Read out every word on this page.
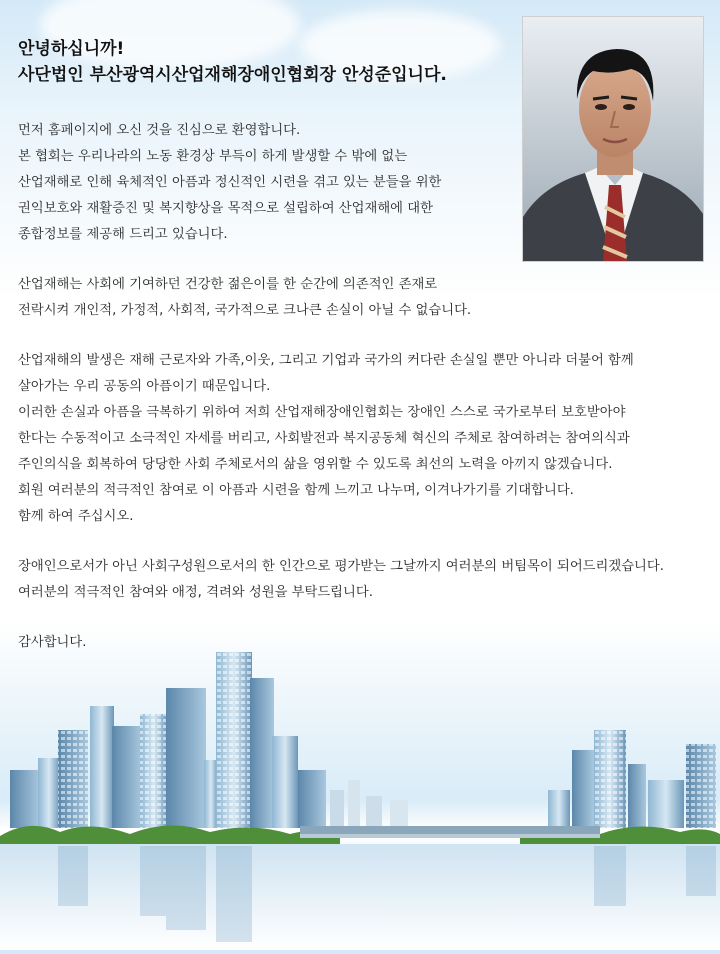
안녕하십니까!
사단법인 부산광역시산업재해장애인협회장 안성준입니다.

먼저 홈페이지에 오신 것을 진심으로 환영합니다.
본 협회는 우리나라의 노동 환경상 부득이 하게 발생할 수 밖에 없는
산업재해로 인해 육체적인 아픔과 정신적인 시련을 겪고 있는 분들을 위한
권익보호와 재활증진 및 복지향상을 목적으로 설립하여 산업재해에 대한
종합정보를 제공해 드리고 있습니다.

산업재해는 사회에 기여하던 건강한 젊은이를 한 순간에 의존적인 존재로
전락시켜 개인적, 가정적, 사회적, 국가적으로 크나큰 손실이 아닐 수 없습니다.

산업재해의 발생은 재해 근로자와 가족,이웃, 그리고 기업과 국가의 커다란 손실일 뿐만 아니라 더불어 함께
살아가는 우리 공동의 아픔이기 때문입니다.
이러한 손실과 아픔을 극복하기 위하여 저희 산업재해장애인협회는 장애인 스스로 국가로부터 보호받아야
한다는 수동적이고 소극적인 자세를 버리고, 사회발전과 복지공동체 혁신의 주체로 참여하려는 참여의식과
주인의식을 회복하여 당당한 사회 주체로서의 삶을 영위할 수 있도록 최선의 노력을 아끼지 않겠습니다.
회원 여러분의 적극적인 참여로 이 아픔과 시련을 함께 느끼고 나누며, 이겨나가기를 기대합니다.
함께 하여 주십시오.

장애인으로서가 아닌 사회구성원으로서의 한 인간으로 평가받는 그날까지 여러분의 버팀목이 되어드리겠습니다.
여러분의 적극적인 참여와 애정, 격려와 성원을 부탁드립니다.

감사합니다.
